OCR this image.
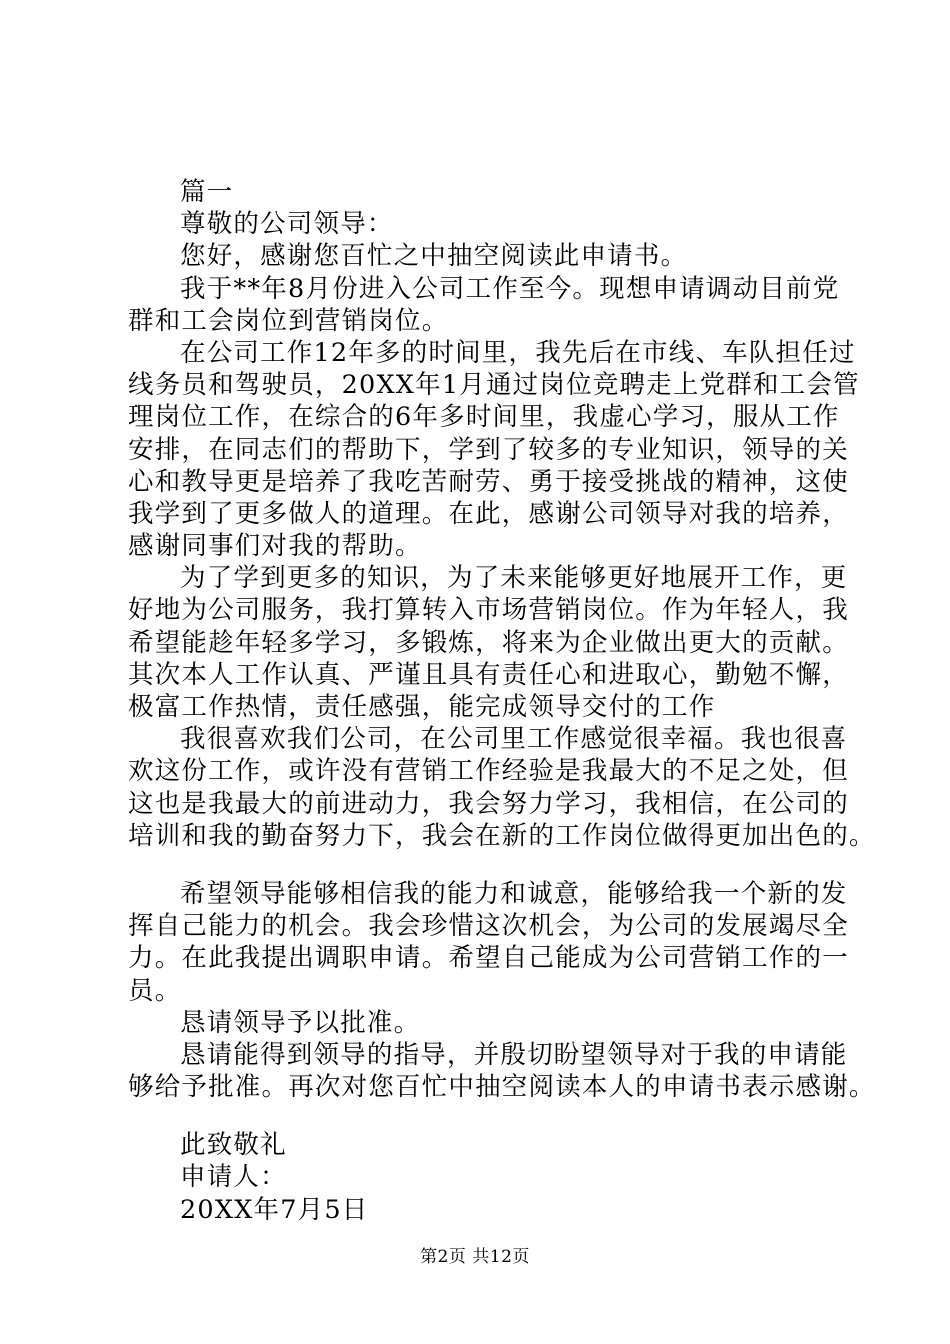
篇一
尊敬的公司领导：
您好，感谢您百忙之中抽空阅读此申请书。
我于**年8月份进入公司工作至今。现想申请调动目前党
群和工会岗位到营销岗位。
在公司工作12年多的时间里，我先后在市线、车队担任过
线务员和驾驶员，20XX年1月通过岗位竞聘走上党群和工会管
理岗位工作，在综合的6年多时间里，我虚心学习，服从工作
安排，在同志们的帮助下，学到了较多的专业知识，领导的关
心和教导更是培养了我吃苦耐劳、勇于接受挑战的精神，这使
我学到了更多做人的道理。在此，感谢公司领导对我的培养，
感谢同事们对我的帮助。
为了学到更多的知识，为了未来能够更好地展开工作，更
好地为公司服务，我打算转入市场营销岗位。作为年轻人，我
希望能趁年轻多学习，多锻炼，将来为企业做出更大的贡献。
其次本人工作认真、严谨且具有责任心和进取心，勤勉不懈，
极富工作热情，责任感强，能完成领导交付的工作
我很喜欢我们公司，在公司里工作感觉很幸福。我也很喜
欢这份工作，或许没有营销工作经验是我最大的不足之处，但
这也是我最大的前进动力，我会努力学习，我相信，在公司的
培训和我的勤奋努力下，我会在新的工作岗位做得更加出色的。
希望领导能够相信我的能力和诚意，能够给我一个新的发
挥自己能力的机会。我会珍惜这次机会，为公司的发展竭尽全
力。在此我提出调职申请。希望自己能成为公司营销工作的一
员。
恳请领导予以批准。
恳请能得到领导的指导，并殷切盼望领导对于我的申请能
够给予批准。再次对您百忙中抽空阅读本人的申请书表示感谢。
此致敬礼
申请人：
20XX年7月5日
第2页 共12页
